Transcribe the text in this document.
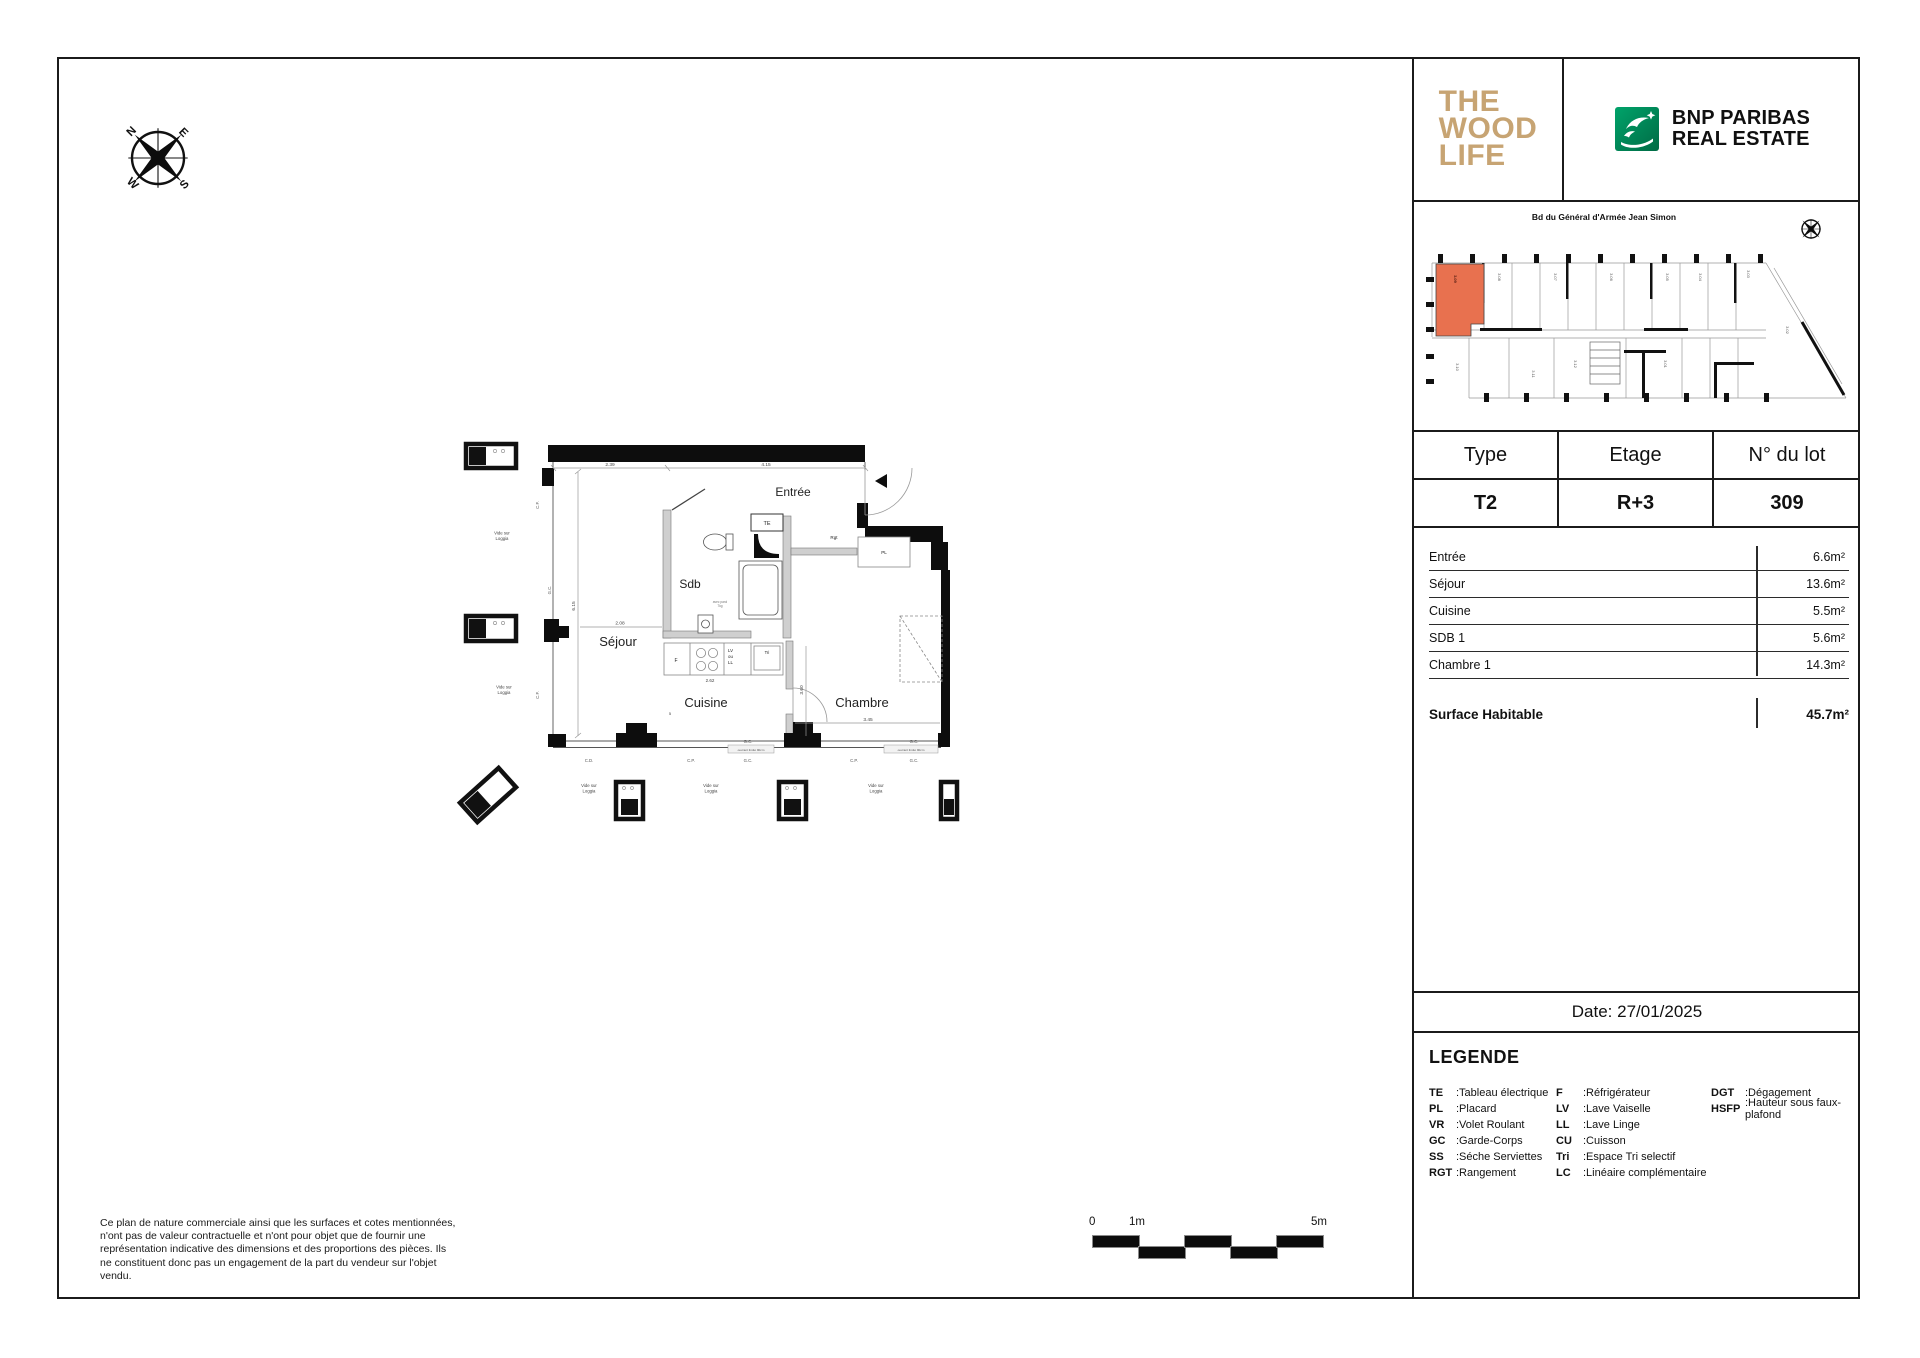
N	E
S
W
Entrée
Sdb
Séjour
Cuisine	Chambre
TE
Rgt
PL
F
LV
ou
LL
Tri
avec parcl
7kg
2.39	4.15
6.15
2.08
2.62
3.60
3.45
5
C.F.
C.F.
G.C.
C.D.	C.P.
G.C.
G.C.	C.P.
G.C.
G.C.
ouvrant limité 90cm	ouvrant limité 90cm
Vide sur
Loggia
Vide sur
Loggia
Vide sur
Loggia
Vide sur
Loggia
Vide sur
Loggia
THE
WOOD
LIFE
BNP PARIBAS
REAL ESTATE
Bd du Général d'Armée Jean Simon
3.09	3.08	3.07	3.06	3.05	3.04	3.03
3.02
3.01
3.10
3.11
3.12
Type	Etage	N° du lot
T2	R+3	309
Entrée	6.6m²
Séjour	13.6m²
Cuisine	5.5m²
SDB 1	5.6m²
Chambre 1	14.3m²
Surface Habitable	45.7m²
Date: 27/01/2025
LEGENDE
TE	:Tableau électrique
PL	:Placard
VR	:Volet Roulant
GC :Garde-Corps
SS	:Séche Serviettes
RGT :Rangement
F	:Réfrigérateur
LV	:Lave Vaiselle
LL	:Lave Linge
CU	:Cuisson
Tri	:Espace Tri selectif
LC	:Linéaire complémentaire
DGT :Dégagement
HSFP :Hauteur sous faux-plafond
Ce plan de nature commerciale ainsi que les surfaces et cotes mentionnées, n'ont pas de valeur contractuelle et n'ont pour objet que de fournir une représentation indicative des dimensions et des proportions des pièces. Ils ne constituent donc pas un engagement de la part du vendeur sur l'objet vendu.
0	1m	5m
